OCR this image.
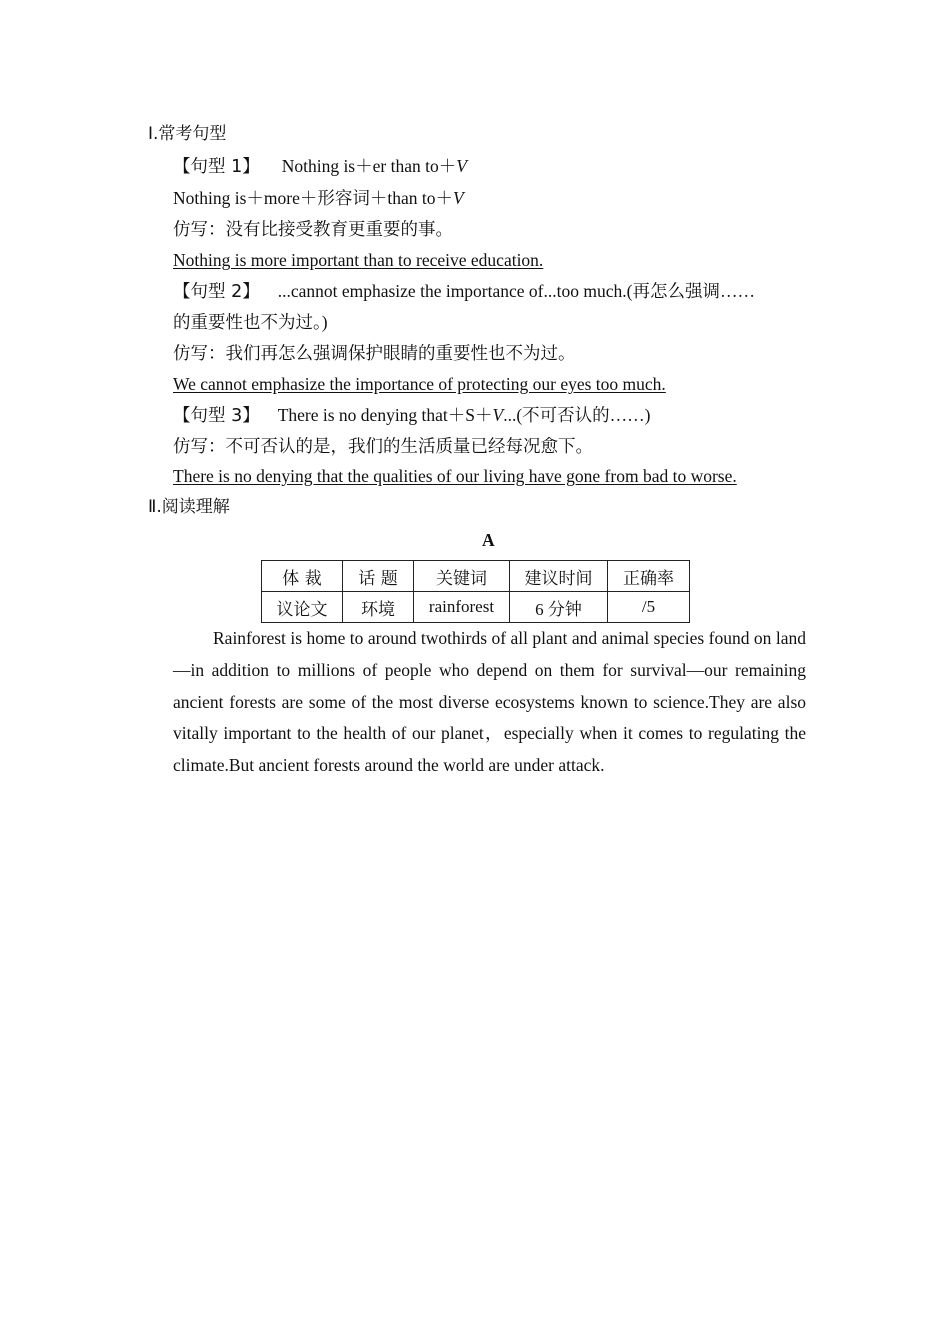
Ⅰ.常考句型
【句型 1】 Nothing is＋er than to＋V
Nothing is＋more＋形容词＋than to＋V
仿写：没有比接受教育更重要的事。
Nothing is more important than to receive education.
【句型 2】 ...cannot emphasize the importance of...too much.(再怎么强调……
的重要性也不为过。)
仿写：我们再怎么强调保护眼睛的重要性也不为过。
We cannot emphasize the importance of protecting our eyes too much.
【句型 3】 There is no denying that＋S＋V...(不可否认的……)
仿写：不可否认的是，我们的生活质量已经每况愈下。
There is no denying that the qualities of our living have gone from bad to worse.
Ⅱ.阅读理解
A
体 裁	话 题	关键词	建议时间	正确率
议论文	环境	rainforest	6 分钟	/5
Rainforest is home to around twothirds of all plant and animal species found on land—in addition to millions of people who depend on them for survival—our remaining ancient forests are some of the most diverse ecosystems known to science.They are also vitally important to the health of our planet，especially when it comes to regulating the climate.But ancient forests around the world are under attack.
